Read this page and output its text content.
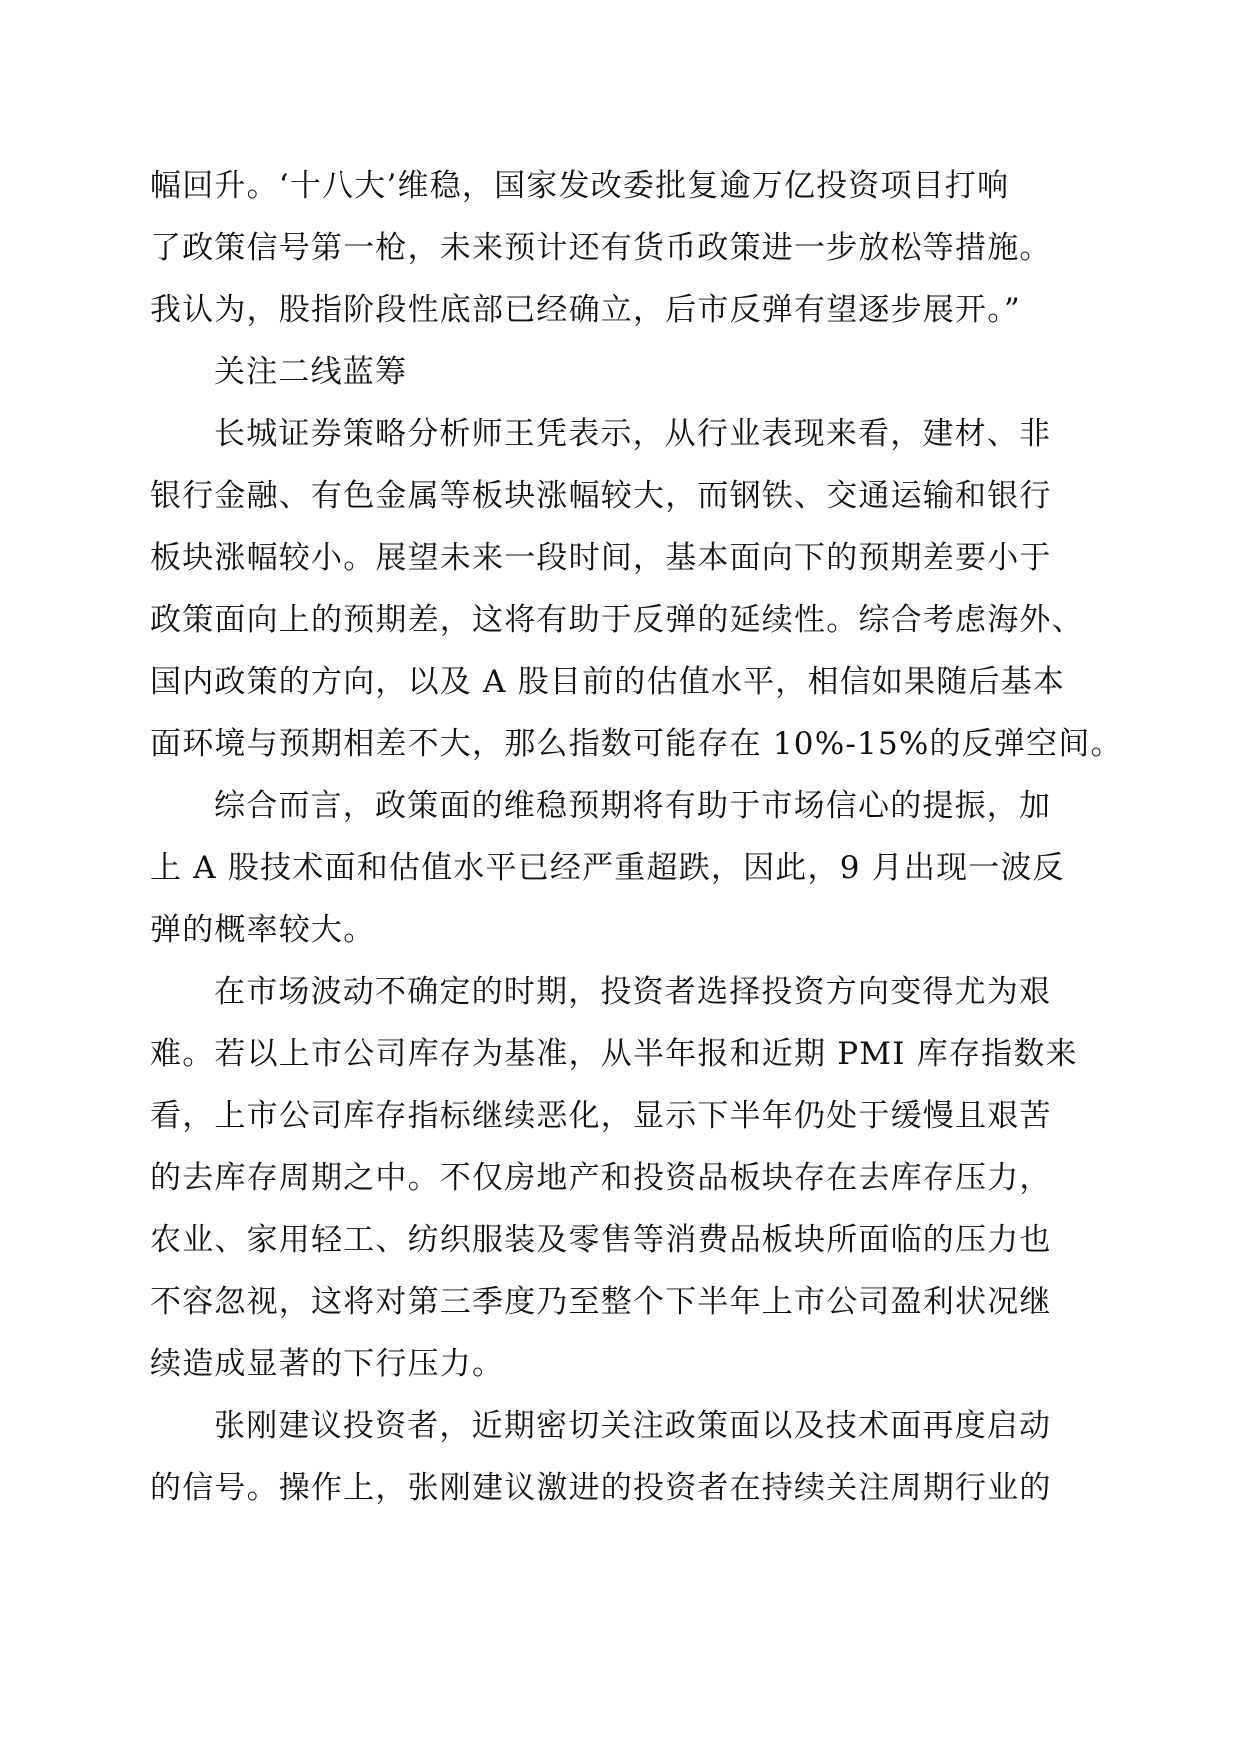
幅回升。‘十八大’维稳，国家发改委批复逾万亿投资项目打响
了政策信号第一枪，未来预计还有货币政策进一步放松等措施。
我认为，股指阶段性底部已经确立，后市反弹有望逐步展开。”
关注二线蓝筹
长城证券策略分析师王凭表示，从行业表现来看，建材、非
银行金融、有色金属等板块涨幅较大，而钢铁、交通运输和银行
板块涨幅较小。展望未来一段时间，基本面向下的预期差要小于
政策面向上的预期差，这将有助于反弹的延续性。综合考虑海外、
国内政策的方向，以及 A 股目前的估值水平，相信如果随后基本
面环境与预期相差不大，那么指数可能存在 10%-15%的反弹空间。
综合而言，政策面的维稳预期将有助于市场信心的提振，加
上 A 股技术面和估值水平已经严重超跌，因此，9 月出现一波反
弹的概率较大。
在市场波动不确定的时期，投资者选择投资方向变得尤为艰
难。若以上市公司库存为基准，从半年报和近期 PMI 库存指数来
看，上市公司库存指标继续恶化，显示下半年仍处于缓慢且艰苦
的去库存周期之中。不仅房地产和投资品板块存在去库存压力，
农业、家用轻工、纺织服装及零售等消费品板块所面临的压力也
不容忽视，这将对第三季度乃至整个下半年上市公司盈利状况继
续造成显著的下行压力。
张刚建议投资者，近期密切关注政策面以及技术面再度启动
的信号。操作上，张刚建议激进的投资者在持续关注周期行业的
